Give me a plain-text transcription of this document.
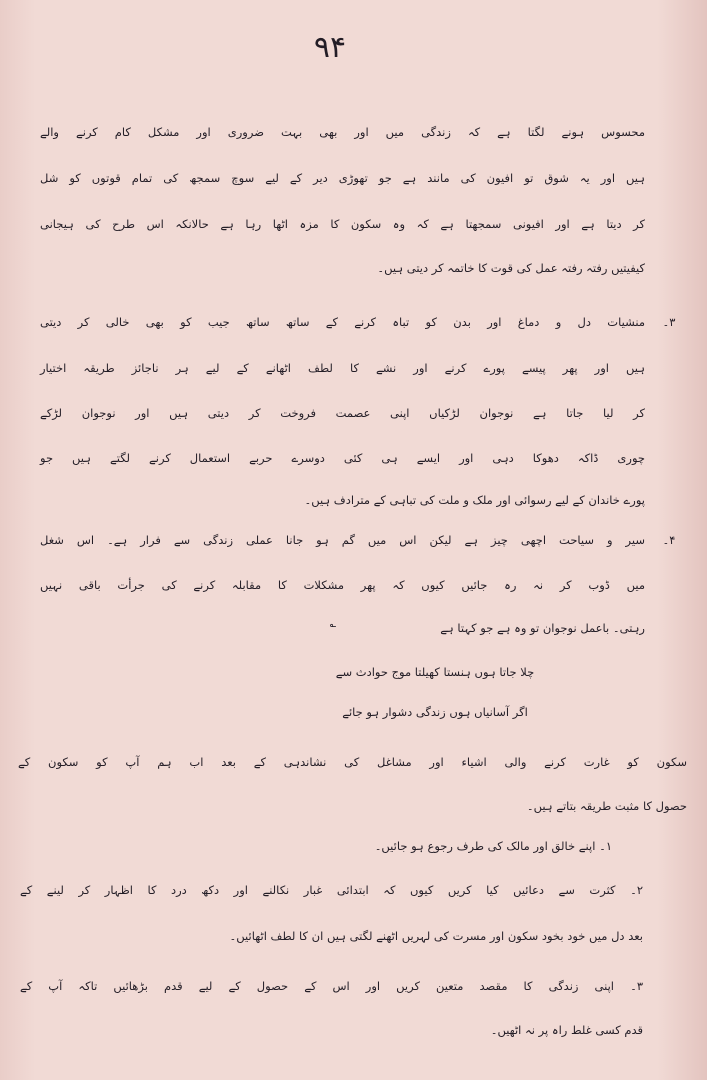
۹۴
محسوس ہونے لگتا ہے کہ زندگی میں اور بھی بہت ضروری اور مشکل کام کرنے والے
ہیں اور یہ شوق تو افیون کی مانند ہے جو تھوڑی دیر کے لیے سوچ سمجھ کی تمام قوتوں کو شل
کر دیتا ہے اور افیونی سمجھتا ہے کہ وہ سکون کا مزہ اٹھا رہا ہے حالانکہ اس طرح کی ہیجانی
کیفیتیں رفتہ رفتہ عمل کی قوت کا خاتمہ کر دیتی ہیں۔
۳۔
منشیات دل و دماغ اور بدن کو تباہ کرنے کے ساتھ ساتھ جیب کو بھی خالی کر دیتی
ہیں اور پھر پیسے پورے کرنے اور نشے کا لطف اٹھانے کے لیے ہر ناجائز طریقہ اختیار
کر لیا جاتا ہے نوجوان لڑکیاں اپنی عصمت فروخت کر دیتی ہیں اور نوجوان لڑکے
چوری ڈاکہ دھوکا دہی اور ایسے ہی کئی دوسرے حربے استعمال کرنے لگتے ہیں جو
پورے خاندان کے لیے رسوائی اور ملک و ملت کی تباہی کے مترادف ہیں۔
۴۔
سیر و سیاحت اچھی چیز ہے لیکن اس میں گم ہو جانا عملی زندگی سے فرار ہے۔ اس شغل
میں ڈوب کر نہ رہ جائیں کیوں کہ پھر مشکلات کا مقابلہ کرنے کی جرأت باقی نہیں
رہتی۔ باعمل نوجوان تو وہ ہے جو کہتا ہے
؎
چلا جاتا ہوں ہنستا کھیلتا موج حوادث سے
اگر آسانیاں ہوں زندگی دشوار ہو جائے
سکون کو غارت کرنے والی اشیاء اور مشاغل کی نشاندہی کے بعد اب ہم آپ کو سکون کے
حصول کا مثبت طریقہ بتاتے ہیں۔
۱۔ اپنے خالق اور مالک کی طرف رجوع ہو جائیں۔
۲۔ کثرت سے دعائیں کیا کریں کیوں کہ ابتدائی غبار نکالنے اور دکھ درد کا اظہار کر لینے کے
بعد دل میں خود بخود سکون اور مسرت کی لہریں اٹھنے لگتی ہیں ان کا لطف اٹھائیں۔
۳۔ اپنی زندگی کا مقصد متعین کریں اور اس کے حصول کے لیے قدم بڑھائیں تاکہ آپ کے
قدم کسی غلط راہ پر نہ اٹھیں۔
